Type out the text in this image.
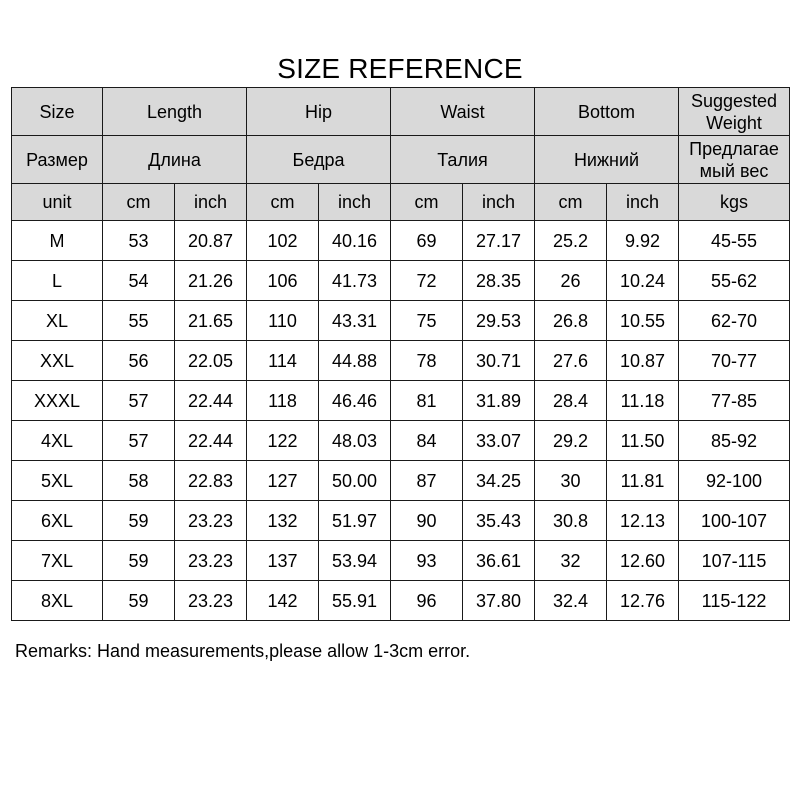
SIZE REFERENCE
Size	Length		Hip		Waist		Bottom		Suggested
Weight

Размер	Длина		Бедра		Талия		Нижний		Предлагае
мый вес

unit	cm	inch	cm	inch	cm	inch	cm	inch	kgs
M	53	20.87	102	40.16	69	27.17	25.2	9.92	45-55
L	54	21.26	106	41.73	72	28.35	26	10.24	55-62
XL	55	21.65	110	43.31	75	29.53	26.8	10.55	62-70
XXL	56	22.05	114	44.88	78	30.71	27.6	10.87	70-77
XXXL	57	22.44	118	46.46	81	31.89	28.4	11.18	77-85
4XL	57	22.44	122	48.03	84	33.07	29.2	11.50	85-92
5XL	58	22.83	127	50.00	87	34.25	30	11.81	92-100
6XL	59	23.23	132	51.97	90	35.43	30.8	12.13	100-107
7XL	59	23.23	137	53.94	93	36.61	32	12.60	107-115
8XL	59	23.23	142	55.91	96	37.80	32.4	12.76	115-122
Remarks: Hand measurements,please allow 1-3cm error.
